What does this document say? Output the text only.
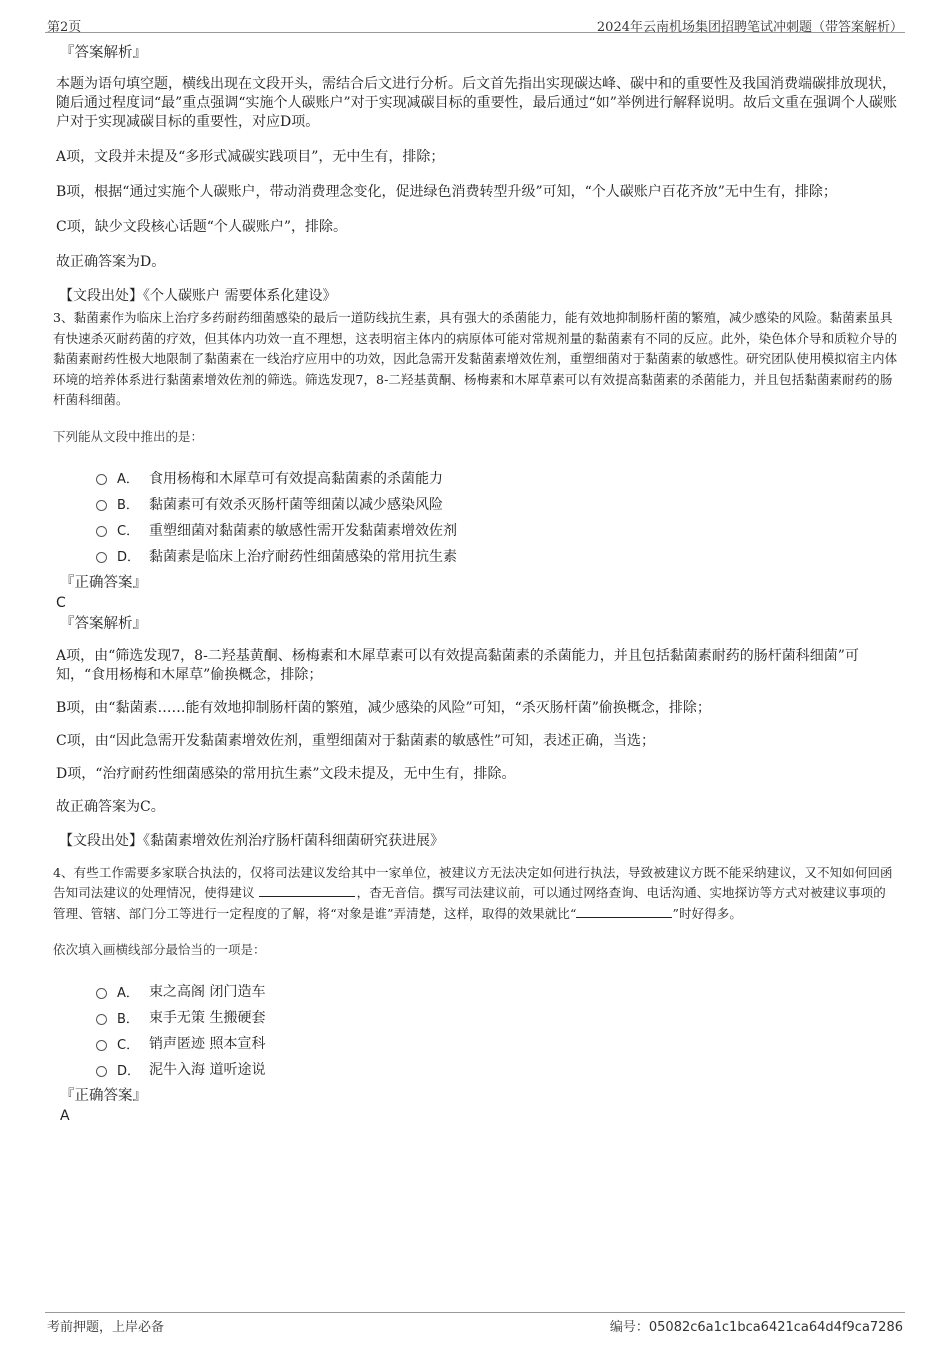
第2页	2024年云南机场集团招聘笔试冲刺题（带答案解析）
『答案解析』

本题为语句填空题，横线出现在文段开头，需结合后文进行分析。后文首先指出实现碳达峰、碳中和的重要性及我国消费端碳排放现状，随后通过程度词“最”重点强调“实施个人碳账户”对于实现减碳目标的重要性，最后通过“如”举例进行解释说明。故后文重在强调个人碳账户对于实现减碳目标的重要性，对应D项。

A项，文段并未提及“多形式减碳实践项目”，无中生有，排除；

B项，根据“通过实施个人碳账户，带动消费理念变化，促进绿色消费转型升级”可知，“个人碳账户百花齐放”无中生有，排除；

C项，缺少文段核心话题“个人碳账户”，排除。

故正确答案为D。

【文段出处】《个人碳账户 需要体系化建设》

3、黏菌素作为临床上治疗多药耐药细菌感染的最后一道防线抗生素，具有强大的杀菌能力，能有效地抑制肠杆菌的繁殖，减少感染的风险。黏菌素虽具有快速杀灭耐药菌的疗效，但其体内功效一直不理想，这表明宿主体内的病原体可能对常规剂量的黏菌素有不同的反应。此外，染色体介导和质粒介导的黏菌素耐药性极大地限制了黏菌素在一线治疗应用中的功效，因此急需开发黏菌素增效佐剂，重塑细菌对于黏菌素的敏感性。研究团队使用模拟宿主内体环境的培养体系进行黏菌素增效佐剂的筛选。筛选发现7，8-二羟基黄酮、杨梅素和木犀草素可以有效提高黏菌素的杀菌能力，并且包括黏菌素耐药的肠杆菌科细菌。

下列能从文段中推出的是：

A． 食用杨梅和木犀草可有效提高黏菌素的杀菌能力
B． 黏菌素可有效杀灭肠杆菌等细菌以减少感染风险
C． 重塑细菌对黏菌素的敏感性需开发黏菌素增效佐剂
D． 黏菌素是临床上治疗耐药性细菌感染的常用抗生素
『正确答案』
C
『答案解析』

A项，由“筛选发现7，8-二羟基黄酮、杨梅素和木犀草素可以有效提高黏菌素的杀菌能力，并且包括黏菌素耐药的肠杆菌科细菌”可知，“食用杨梅和木犀草”偷换概念，排除；

B项，由“黏菌素……能有效地抑制肠杆菌的繁殖，减少感染的风险”可知，“杀灭肠杆菌”偷换概念，排除；

C项，由“因此急需开发黏菌素增效佐剂，重塑细菌对于黏菌素的敏感性”可知，表述正确，当选；

D项，“治疗耐药性细菌感染的常用抗生素”文段未提及，无中生有，排除。

故正确答案为C。

【文段出处】《黏菌素增效佐剂治疗肠杆菌科细菌研究获进展》

4、有些工作需要多家联合执法的，仅将司法建议发给其中一家单位，被建议方无法决定如何进行执法，导致被建议方既不能采纳建议，又不知如何回函告知司法建议的处理情况，使得建议	，杳无音信。撰写司法建议前，可以通过网络查询、电话沟通、实地探访等方式对被建议事项的管理、管辖、部门分工等进行一定程度的了解，将“对象是谁”弄清楚，这样，取得的效果就比“	”时好得多。

依次填入画横线部分最恰当的一项是：

A． 束之高阁 闭门造车
B． 束手无策 生搬硬套
C． 销声匿迹 照本宣科
D． 泥牛入海 道听途说
『正确答案』
A
考前押题，上岸必备	编号：05082c6a1c1bca6421ca64d4f9ca7286
